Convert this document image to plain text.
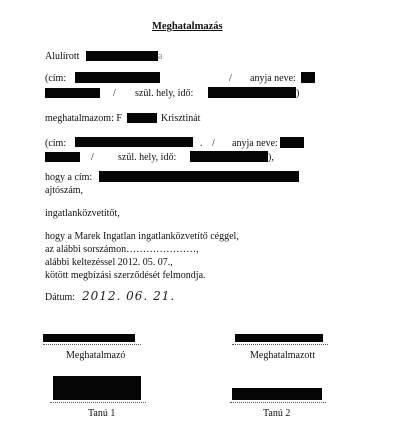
Meghatalmazás
Alulírott	a
(cím:	/ anyja neve:
/ szül. hely, idő:	)
meghatalmazom: F	Krisztinát
(cím:	. / anyja neve:
/ szül. hely, idő:	),
hogy a cím:
ajtószám,
ingatlanközvetítőt,
hogy a Marek Ingatlan ingatlanközvetítő céggel,
az alábbi sorszámon…………………,
alábbi keltezéssel 2012. 05. 07.,
kötött megbízási szerződését felmondja.
Dátum: 2012. 06. 21.
Meghatalmazó	Meghatalmazott
Tanú 1	Tanú 2
